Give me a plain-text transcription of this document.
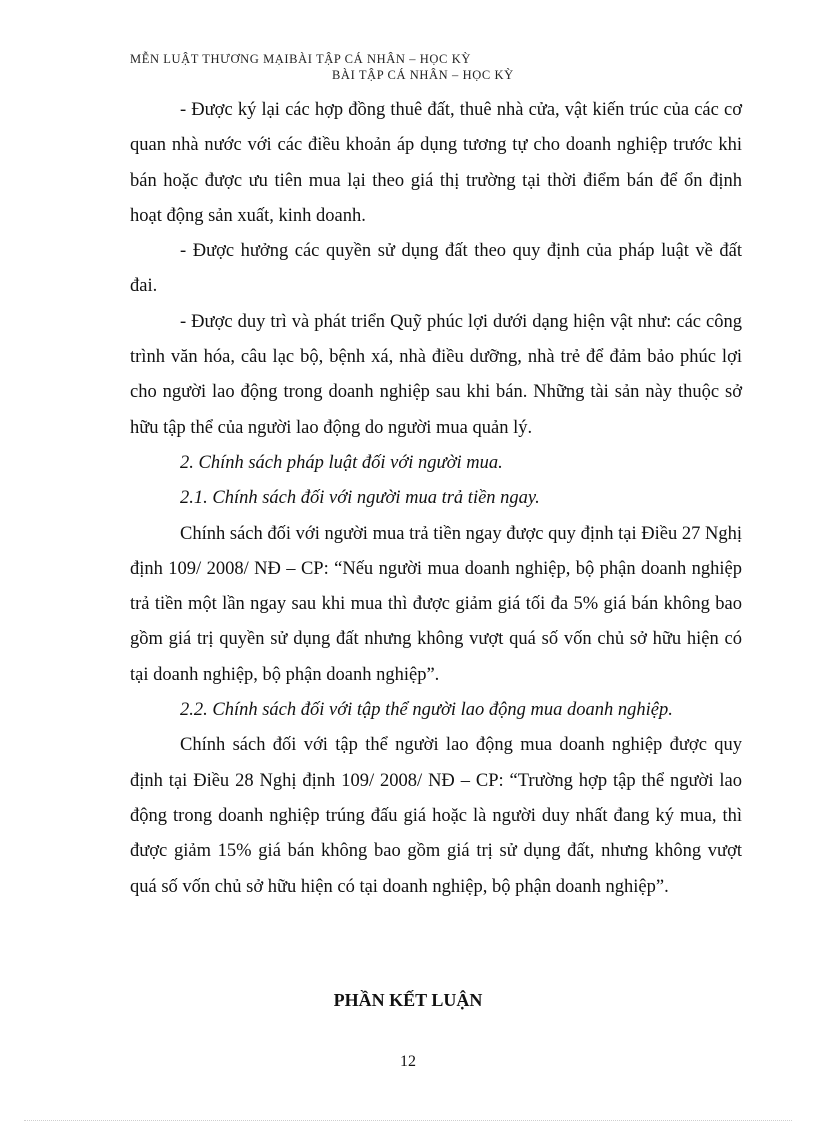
MỄN LUẬT THƯƠNG MẠIBÀI TẬP CÁ NHÂN – HỌC KỲ
BÀI TẬP CÁ NHÂN – HỌC KỲ

- Được ký lại các hợp đồng thuê đất, thuê nhà cửa, vật kiến trúc của các cơ quan nhà nước với các điều khoản áp dụng tương tự cho doanh nghiệp trước khi bán hoặc được ưu tiên mua lại theo giá thị trường tại thời điểm bán để ổn định hoạt động sản xuất, kinh doanh.

- Được hưởng các quyền sử dụng đất theo quy định của pháp luật về đất đai.

- Được duy trì và phát triển Quỹ phúc lợi dưới dạng hiện vật như: các công trình văn hóa, câu lạc bộ, bệnh xá, nhà điều dưỡng, nhà trẻ để đảm bảo phúc lợi cho người lao động trong doanh nghiệp sau khi bán. Những tài sản này thuộc sở hữu tập thể của người lao động do người mua quản lý.

2. Chính sách pháp luật đối với người mua.

2.1. Chính sách đối với người mua trả tiền ngay.

Chính sách đối với người mua trả tiền ngay được quy định tại Điều 27 Nghị định 109/ 2008/ NĐ – CP: “Nếu người mua doanh nghiệp, bộ phận doanh nghiệp trả tiền một lần ngay sau khi mua thì được giảm giá tối đa 5% giá bán không bao gồm giá trị quyền sử dụng đất nhưng không vượt quá số vốn chủ sở hữu hiện có tại doanh nghiệp, bộ phận doanh nghiệp”.

2.2. Chính sách đối với tập thể người lao động mua doanh nghiệp.

Chính sách đối với tập thể người lao động mua doanh nghiệp được quy định tại Điều 28 Nghị định 109/ 2008/ NĐ – CP: “Trường hợp tập thể người lao động trong doanh nghiệp trúng đấu giá hoặc là người duy nhất đang ký mua, thì được giảm 15% giá bán không bao gồm giá trị sử dụng đất, nhưng không vượt quá số vốn chủ sở hữu hiện có tại doanh nghiệp, bộ phận doanh nghiệp”.

PHẦN KẾT LUẬN
12
